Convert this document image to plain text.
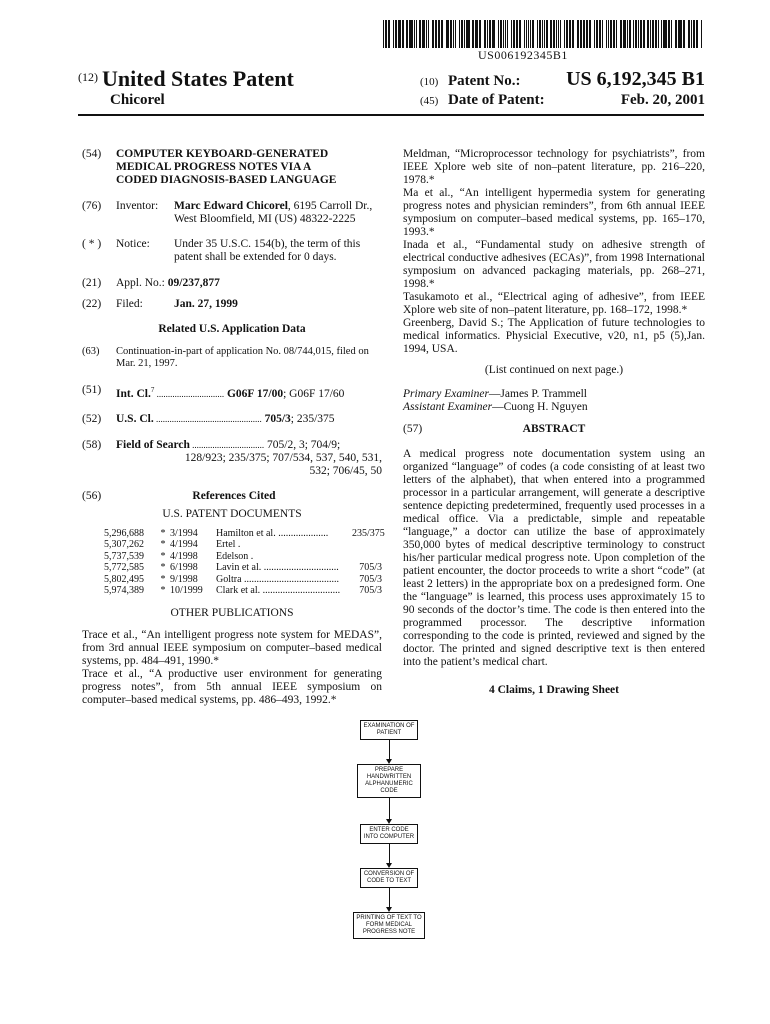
US006192345B1
$^{(12)}$ United States Patent
Chicorel
(10) Patent No.: US 6,192,345 B1
(45) Date of Patent:	Feb. 20, 2001
(54)	COMPUTER KEYBOARD-GENERATED MEDICAL PROGRESS NOTES VIA A CODED DIAGNOSIS-BASED LANGUAGE
(76)	Inventor:	Marc Edward Chicorel, 6195 Carroll Dr., West Bloomfield, MI (US) 48322-2225
( * )	Notice:	Under 35 U.S.C. 154(b), the term of this patent shall be extended for 0 days.
(21)	Appl. No.:
09/237,877
(22)	Filed:	Jan. 27, 1999
Related U.S. Application Data
(63)	Continuation-in-part of application No. 08/744,015, filed on Mar. 21, 1997.
(51)	Int. Cl.$^7$ .............................. G06F 17/00; G06F 17/60
(52)	U.S. Cl. ............................................... 705/3; 235/375
(58)	Field of Search ................................ 705/2, 3; 704/9;
128/923; 235/375; 707/534, 537, 540, 531,
532; 706/45, 50
(56)	References Cited
U.S. PATENT DOCUMENTS
5,296,688	* 3/1994	Hamilton et al. ....................	235/375
5,307,262	* 4/1994	Ertel .
5,737,539	* 4/1998	Edelson .
5,772,585	* 6/1998	Lavin et al. ..............................	705/3
5,802,495	* 9/1998	Goltra ......................................	705/3
5,974,389	* 10/1999	Clark et al. ...............................	705/3
OTHER PUBLICATIONS
Trace et al., “An intelligent progress note system for MEDAS”, from 3rd annual IEEE symposium on computer–based medical systems, pp. 484–491, 1990.*
Trace et al., “A productive user environment for generating progress notes”, from 5th annual IEEE symposium on computer–based medical systems, pp. 486–493, 1992.*
Meldman, “Microprocessor technology for psychiatrists”, from IEEE Xplore web site of non–patent literature, pp. 216–220, 1978.*
Ma et al., “An intelligent hypermedia system for generating progress notes and physician reminders”, from 6th annual IEEE symposium on computer–based medical systems, pp. 165–170, 1993.*
Inada et al., “Fundamental study on adhesive strength of electrical conductive adhesives (ECAs)”, from 1998 International symposium on advanced packaging materials, pp. 268–271, 1998.*
Tasukamoto et al., “Electrical aging of adhesive”, from IEEE Xplore web site of non–patent literature, pp. 168–172, 1998.*
Greenberg, David S.; The Application of future technologies to medical informatics. Physicial Executive, v20, n1, p5 (5),Jan. 1994, USA.
(List continued on next page.)
Primary Examiner—James P. Trammell
Assistant Examiner—Cuong H. Nguyen
(57)	ABSTRACT
A medical progress note documentation system using an organized “language” of codes (a code consisting of at least two letters of the alphabet), that when entered into a programmed processor in a particular arrangement, will generate a descriptive sentence depicting predetermined, frequently used processes in a medical office. Via a predictable, simple and repeatable “language,” a doctor can utilize the base of approximately 350,000 bytes of medical descriptive terminology to construct his/her particular medical progress note. Upon completion of the patient encounter, the doctor proceeds to write a short “code” (at least 2 letters) in the appropriate box on a predesigned form. One the “language” is learned, this process uses approximately 15 to 90 seconds of the doctor’s time. The code is then entered into the programmed processor. The descriptive information corresponding to the code is printed, reviewed and signed by the doctor. The printed and signed descriptive text is then entered into the patient’s medical chart.
4 Claims, 1 Drawing Sheet
EXAMINATION OF PATIENT
PREPARE HANDWRITTEN ALPHANUMERIC CODE
ENTER CODE INTO COMPUTER
CONVERSION OF CODE TO TEXT
PRINTING OF TEXT TO FORM MEDICAL PROGRESS NOTE
